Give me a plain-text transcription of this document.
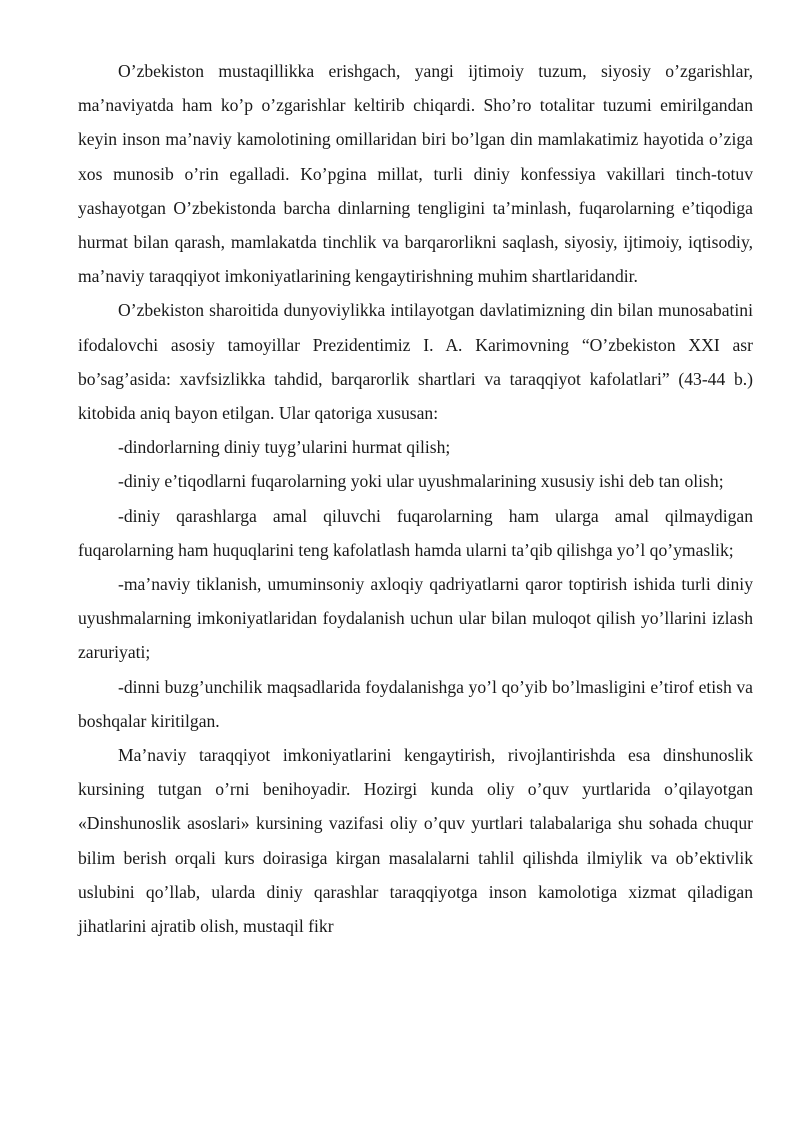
O’zbekiston mustaqillikka erishgach, yangi ijtimoiy tuzum, siyosiy o’zgarishlar, ma’naviyatda ham ko’p o’zgarishlar keltirib chiqardi. Sho’ro totalitar tuzumi emirilgandan keyin inson ma’naviy kamolotining omillaridan biri bo’lgan din mamlakatimiz hayotida o’ziga xos munosib o’rin egalladi. Ko’pgina millat, turli diniy konfessiya vakillari tinch-totuv yashayotgan O’zbekistonda barcha dinlarning tengligini ta’minlash, fuqarolarning e’tiqodiga hurmat bilan qarash, mamlakatda tinchlik va barqarorlikni saqlash, siyosiy, ijtimoiy, iqtisodiy, ma’naviy taraqqiyot imkoniyatlarining kengaytirishning muhim shartlaridandir.

O’zbekiston sharoitida dunyoviylikka intilayotgan davlatimizning din bilan munosabatini ifodalovchi asosiy tamoyillar Prezidentimiz I. A. Karimovning “O’zbekiston XXI asr bo’sag’asida: xavfsizlikka tahdid, barqarorlik shartlari va taraqqiyot kafolatlari” (43-44 b.) kitobida aniq bayon etilgan. Ular qatoriga xususan:

-dindorlarning diniy tuyg’ularini hurmat qilish;

-diniy e’tiqodlarni fuqarolarning yoki ular uyushmalarining xususiy ishi deb tan olish;

-diniy qarashlarga amal qiluvchi fuqarolarning ham ularga amal qilmaydigan fuqarolarning ham huquqlarini teng kafolatlash hamda ularni ta’qib qilishga yo’l qo’ymaslik;

-ma’naviy tiklanish, umuminsoniy axloqiy qadriyatlarni qaror toptirish ishida turli diniy uyushmalarning imkoniyatlaridan foydalanish uchun ular bilan muloqot qilish yo’llarini izlash zaruriyati;

-dinni buzg’unchilik maqsadlarida foydalanishga yo’l qo’yib bo’lmasligini e’tirof etish va boshqalar kiritilgan.

Ma’naviy taraqqiyot imkoniyatlarini kengaytirish, rivojlantirishda esa dinshunoslik kursining tutgan o’rni benihoyadir. Hozirgi kunda oliy o’quv yurtlarida o’qilayotgan «Dinshunoslik asoslari» kursining vazifasi oliy o’quv yurtlari talabalariga shu sohada chuqur bilim berish orqali kurs doirasiga kirgan masalalarni tahlil qilishda ilmiylik va ob’ektivlik uslubini qo’llab, ularda diniy qarashlar taraqqiyotga inson kamolotiga xizmat qiladigan jihatlarini ajratib olish, mustaqil fikr
